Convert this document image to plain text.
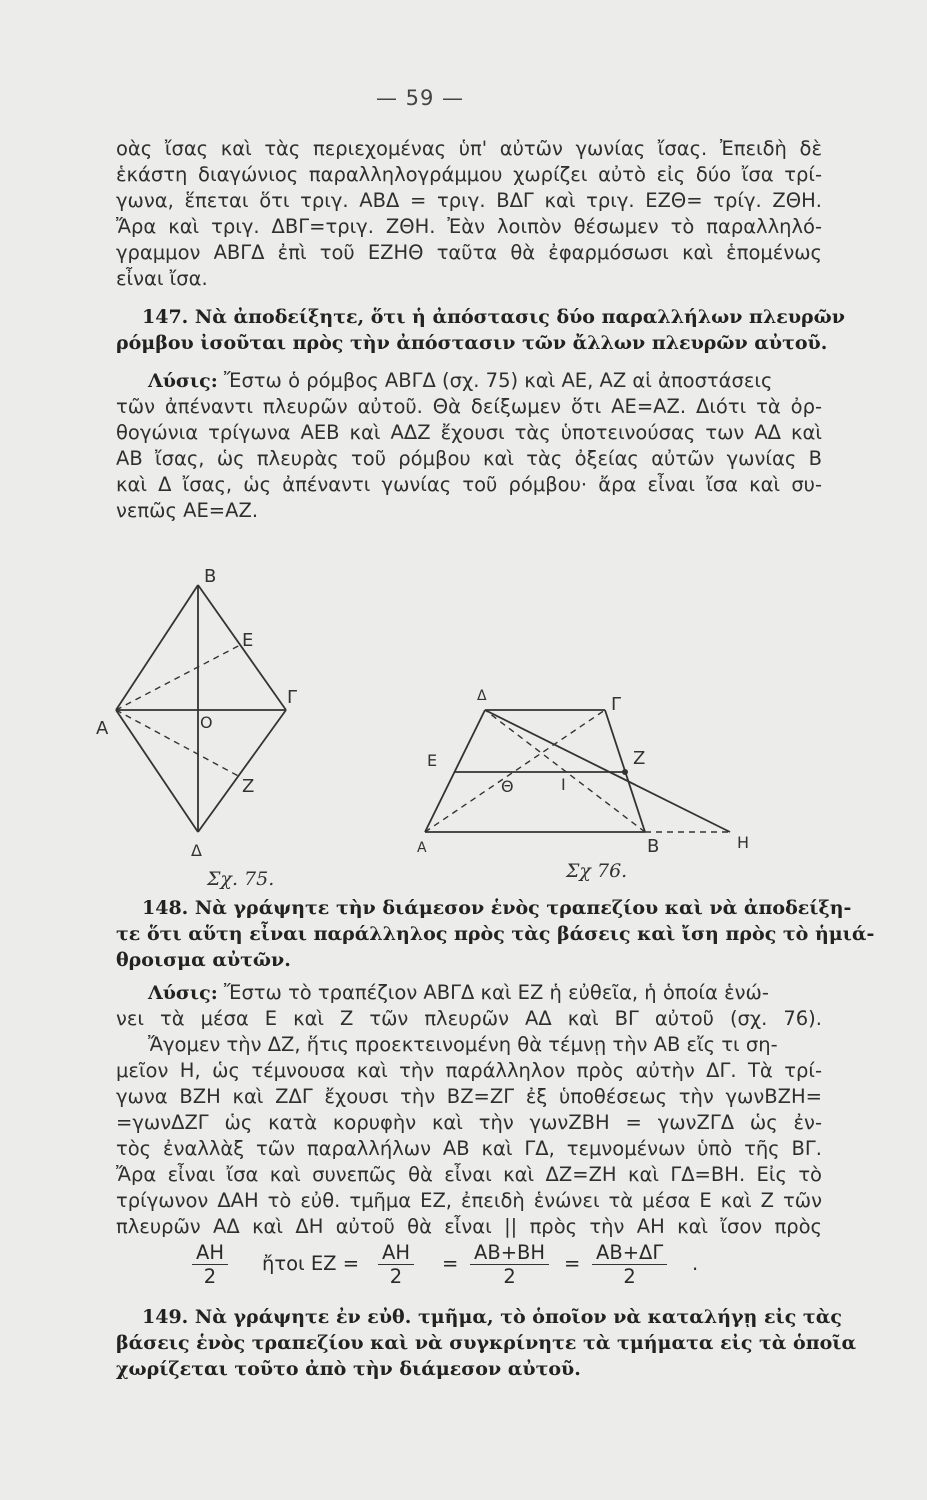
— 59 —
οὰς ἴσας καὶ τὰς περιεχομένας ὑπ' αὐτῶν γωνίας ἴσας. Ἐπειδὴ δὲ
ἑκάστη διαγώνιος παραλληλογράμμου χωρίζει αὐτὸ εἰς δύο ἴσα τρί-
γωνα, ἕπεται ὅτι τριγ. ΑΒΔ = τριγ. ΒΔΓ καὶ τριγ. ΕΖΘ= τρίγ. ΖΘΗ.
Ἄρα καὶ τριγ. ΔΒΓ=τριγ. ΖΘΗ. Ἐὰν λοιπὸν θέσωμεν τὸ παραλληλό-
γραμμον ΑΒΓΔ ἐπὶ τοῦ ΕΖΗΘ ταῦτα θὰ ἐφαρμόσωσι καὶ ἑπομένως
εἶναι ἴσα.
147. Νὰ ἀποδείξητε, ὅτι ἡ ἀπόστασις δύο παραλλήλων πλευρῶν
ρόμβου ἰσοῦται πρὸς τὴν ἀπόστασιν τῶν ἄλλων πλευρῶν αὐτοῦ.
Λύσις: Ἔστω ὁ ρόμβος ΑΒΓΔ (σχ. 75) καὶ ΑΕ, ΑΖ αἱ ἀποστάσεις
τῶν ἀπέναντι πλευρῶν αὐτοῦ. Θὰ δείξωμεν ὅτι ΑΕ=ΑΖ. Διότι τὰ ὀρ-
θογώνια τρίγωνα ΑΕΒ καὶ ΑΔΖ ἔχουσι τὰς ὑποτεινούσας των ΑΔ καὶ
ΑΒ ἴσας, ὡς πλευρὰς τοῦ ρόμβου καὶ τὰς ὀξείας αὐτῶν γωνίας Β
καὶ Δ ἴσας, ὡς ἀπέναντι γωνίας τοῦ ρόμβου· ἄρα εἶναι ἴσα καὶ συ-
νεπῶς ΑΕ=ΑΖ.
B
E
Γ
A	O
Z
Δ
Δ	Γ
E	Z
Θ	I
A	B	H
Σχ. 75.	Σχ 76.
148. Νὰ γράψητε τὴν διάμεσον ἑνὸς τραπεζίου καὶ νὰ ἀποδείξη-
τε ὅτι αὕτη εἶναι παράλληλος πρὸς τὰς βάσεις καὶ ἴση πρὸς τὸ ἡμιά-
θροισμα αὐτῶν.
Λύσις: Ἔστω τὸ τραπέζιον ΑΒΓΔ καὶ ΕΖ ἡ εὐθεῖα, ἡ ὁποία ἑνώ-
νει τὰ μέσα Ε καὶ Ζ τῶν πλευρῶν ΑΔ καὶ ΒΓ αὐτοῦ (σχ. 76).
Ἄγομεν τὴν ΔΖ, ἥτις προεκτεινομένη θὰ τέμνῃ τὴν ΑΒ εἴς τι ση-
μεῖον Η, ὡς τέμνουσα καὶ τὴν παράλληλον πρὸς αὐτὴν ΔΓ. Τὰ τρί-
γωνα ΒΖΗ καὶ ΖΔΓ ἔχουσι τὴν ΒΖ=ΖΓ ἐξ ὑποθέσεως τὴν γωνΒΖΗ=
=γωνΔΖΓ ὡς κατὰ κορυφὴν καὶ τὴν γωνΖΒΗ = γωνΖΓΔ ὡς ἐν-
τὸς ἐναλλὰξ τῶν παραλλήλων ΑΒ καὶ ΓΔ, τεμνομένων ὑπὸ τῆς ΒΓ.
Ἄρα εἶναι ἴσα καὶ συνεπῶς θὰ εἶναι καὶ ΔΖ=ΖΗ καὶ ΓΔ=ΒΗ. Εἰς τὸ
τρίγωνον ΔΑΗ τὸ εὐθ. τμῆμα ΕΖ, ἐπειδὴ ἑνώνει τὰ μέσα Ε καὶ Ζ τῶν
πλευρῶν ΑΔ καὶ ΔΗ αὐτοῦ θὰ εἶναι || πρὸς τὴν ΑΗ καὶ ἴσον πρὸς
$\frac{AH}{2}$ ἤτοι EZ = $\frac{AH}{2} = \frac{AB+BH}{2} = \frac{AB+\Delta\Gamma}{2}$ .
149. Νὰ γράψητε ἐν εὐθ. τμῆμα, τὸ ὁποῖον νὰ καταλήγῃ εἰς τὰς
βάσεις ἑνὸς τραπεζίου καὶ νὰ συγκρίνητε τὰ τμήματα εἰς τὰ ὁποῖα
χωρίζεται τοῦτο ἀπὸ τὴν διάμεσον αὐτοῦ.
